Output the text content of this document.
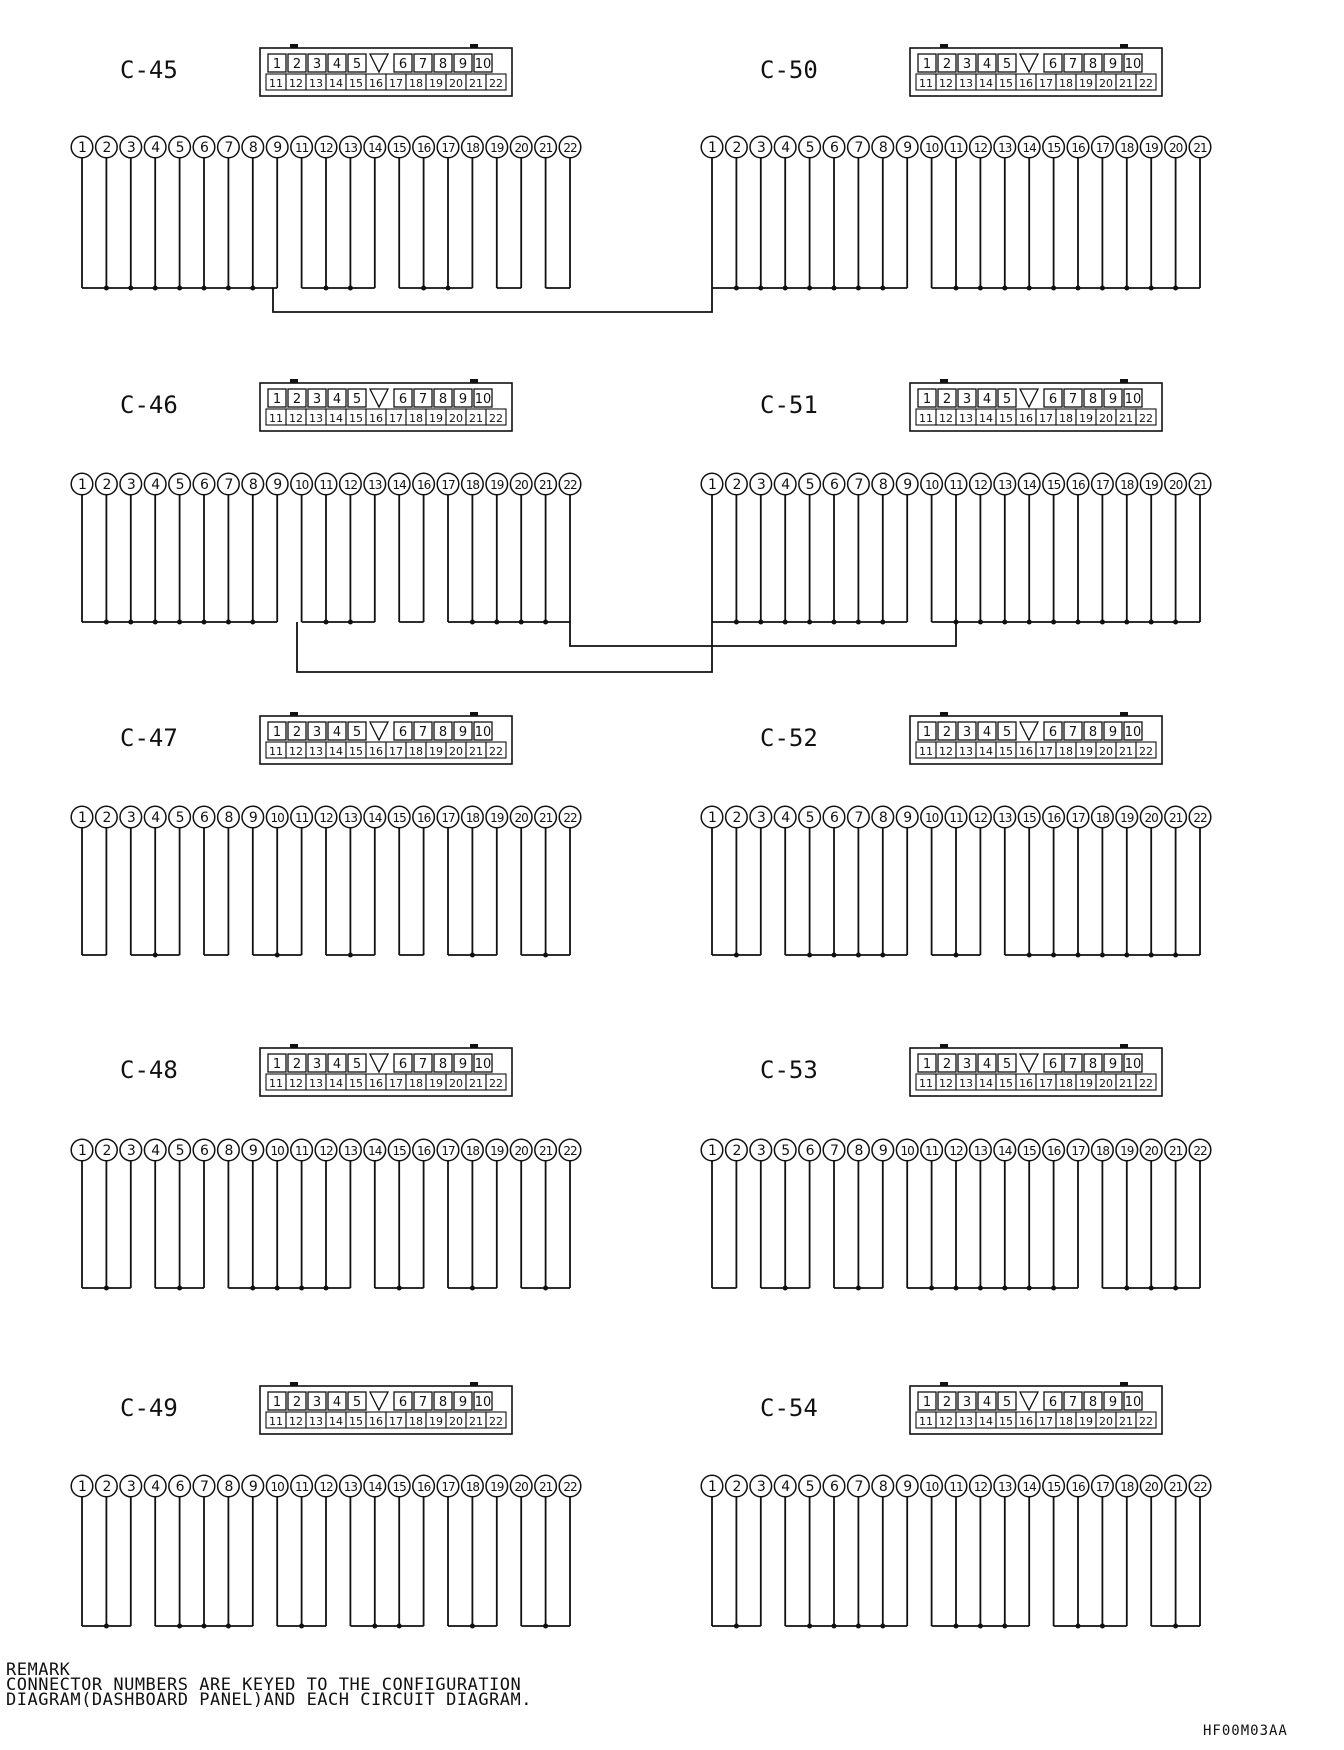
C-45	1 2 3 4 5	6 7 8 9 10
11 12 13 14 15 16 17 18 19 20 21 22
1 2 3 4 5 6 7 8 9 11 12 13 14 15 16 17 18 19 20 21 22
C-50	1 2 3 4 5	6 7 8 9 10
11 12 13 14 15 16 17 18 19 20 21 22
1 2 3 4 5 6 7 8 9 10 11 12 13 14 15 16 17 18 19 20 21
C-46	1 2 3 4 5	6 7 8 9 10
11 12 13 14 15 16 17 18 19 20 21 22
1 2 3 4 5 6 7 8 9 10 11 12 13 14 16 17 18 19 20 21 22
C-51	1 2 3 4 5	6 7 8 9 10
11 12 13 14 15 16 17 18 19 20 21 22
1 2 3 4 5 6 7 8 9 10 11 12 13 14 15 16 17 18 19 20 21
C-47	1 2 3 4 5	6 7 8 9 10
11 12 13 14 15 16 17 18 19 20 21 22
1 2 3 4 5 6 8 9 10 11 12 13 14 15 16 17 18 19 20 21 22
C-52	1 2 3 4 5	6 7 8 9 10
11 12 13 14 15 16 17 18 19 20 21 22
1 2 3 4 5 6 7 8 9 10 11 12 13 15 16 17 18 19 20 21 22
C-48	1 2 3 4 5	6 7 8 9 10
11 12 13 14 15 16 17 18 19 20 21 22
1 2 3 4 5 6 8 9 10 11 12 13 14 15 16 17 18 19 20 21 22
C-53	1 2 3 4 5	6 7 8 9 10
11 12 13 14 15 16 17 18 19 20 21 22
1 2 3 5 6 7 8 9 10 11 12 13 14 15 16 17 18 19 20 21 22
C-49	1 2 3 4 5	6 7 8 9 10
11 12 13 14 15 16 17 18 19 20 21 22
1 2 3 4 6 7 8 9 10 11 12 13 14 15 16 17 18 19 20 21 22
C-54	1 2 3 4 5	6 7 8 9 10
11 12 13 14 15 16 17 18 19 20 21 22
1 2 3 4 5 6 7 8 9 10 11 12 13 14 15 16 17 18 20 21 22
REMARK
CONNECTOR NUMBERS ARE KEYED TO THE CONFIGURATION
DIAGRAM(DASHBOARD PANEL)AND EACH CIRCUIT DIAGRAM.
HF00M03AA
